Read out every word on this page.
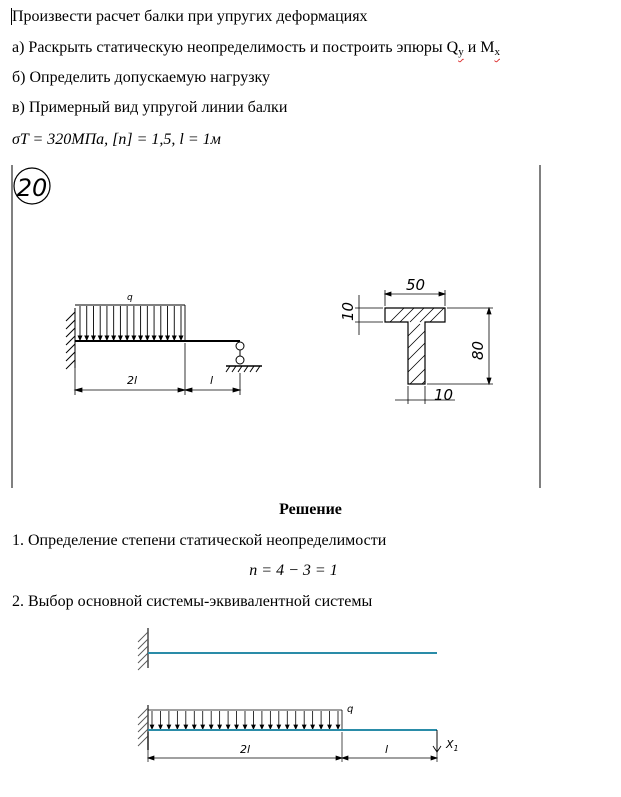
Произвести расчет балки при упругих деформациях
а) Раскрыть статическую неопределимость и построить эпюры $Q_y$ и $M_x$
б) Определить допускаемую нагрузку
в) Примерный вид упругой линии балки
σT = 320МПа, [n] = 1,5, l = 1м
20
q
2l	l
50
10
80
10
Решение
1. Определение степени статической неопределимости
n = 4 − 3 = 1
2. Выбор основной системы-эквивалентной системы
q
$X_1$
2l	l
